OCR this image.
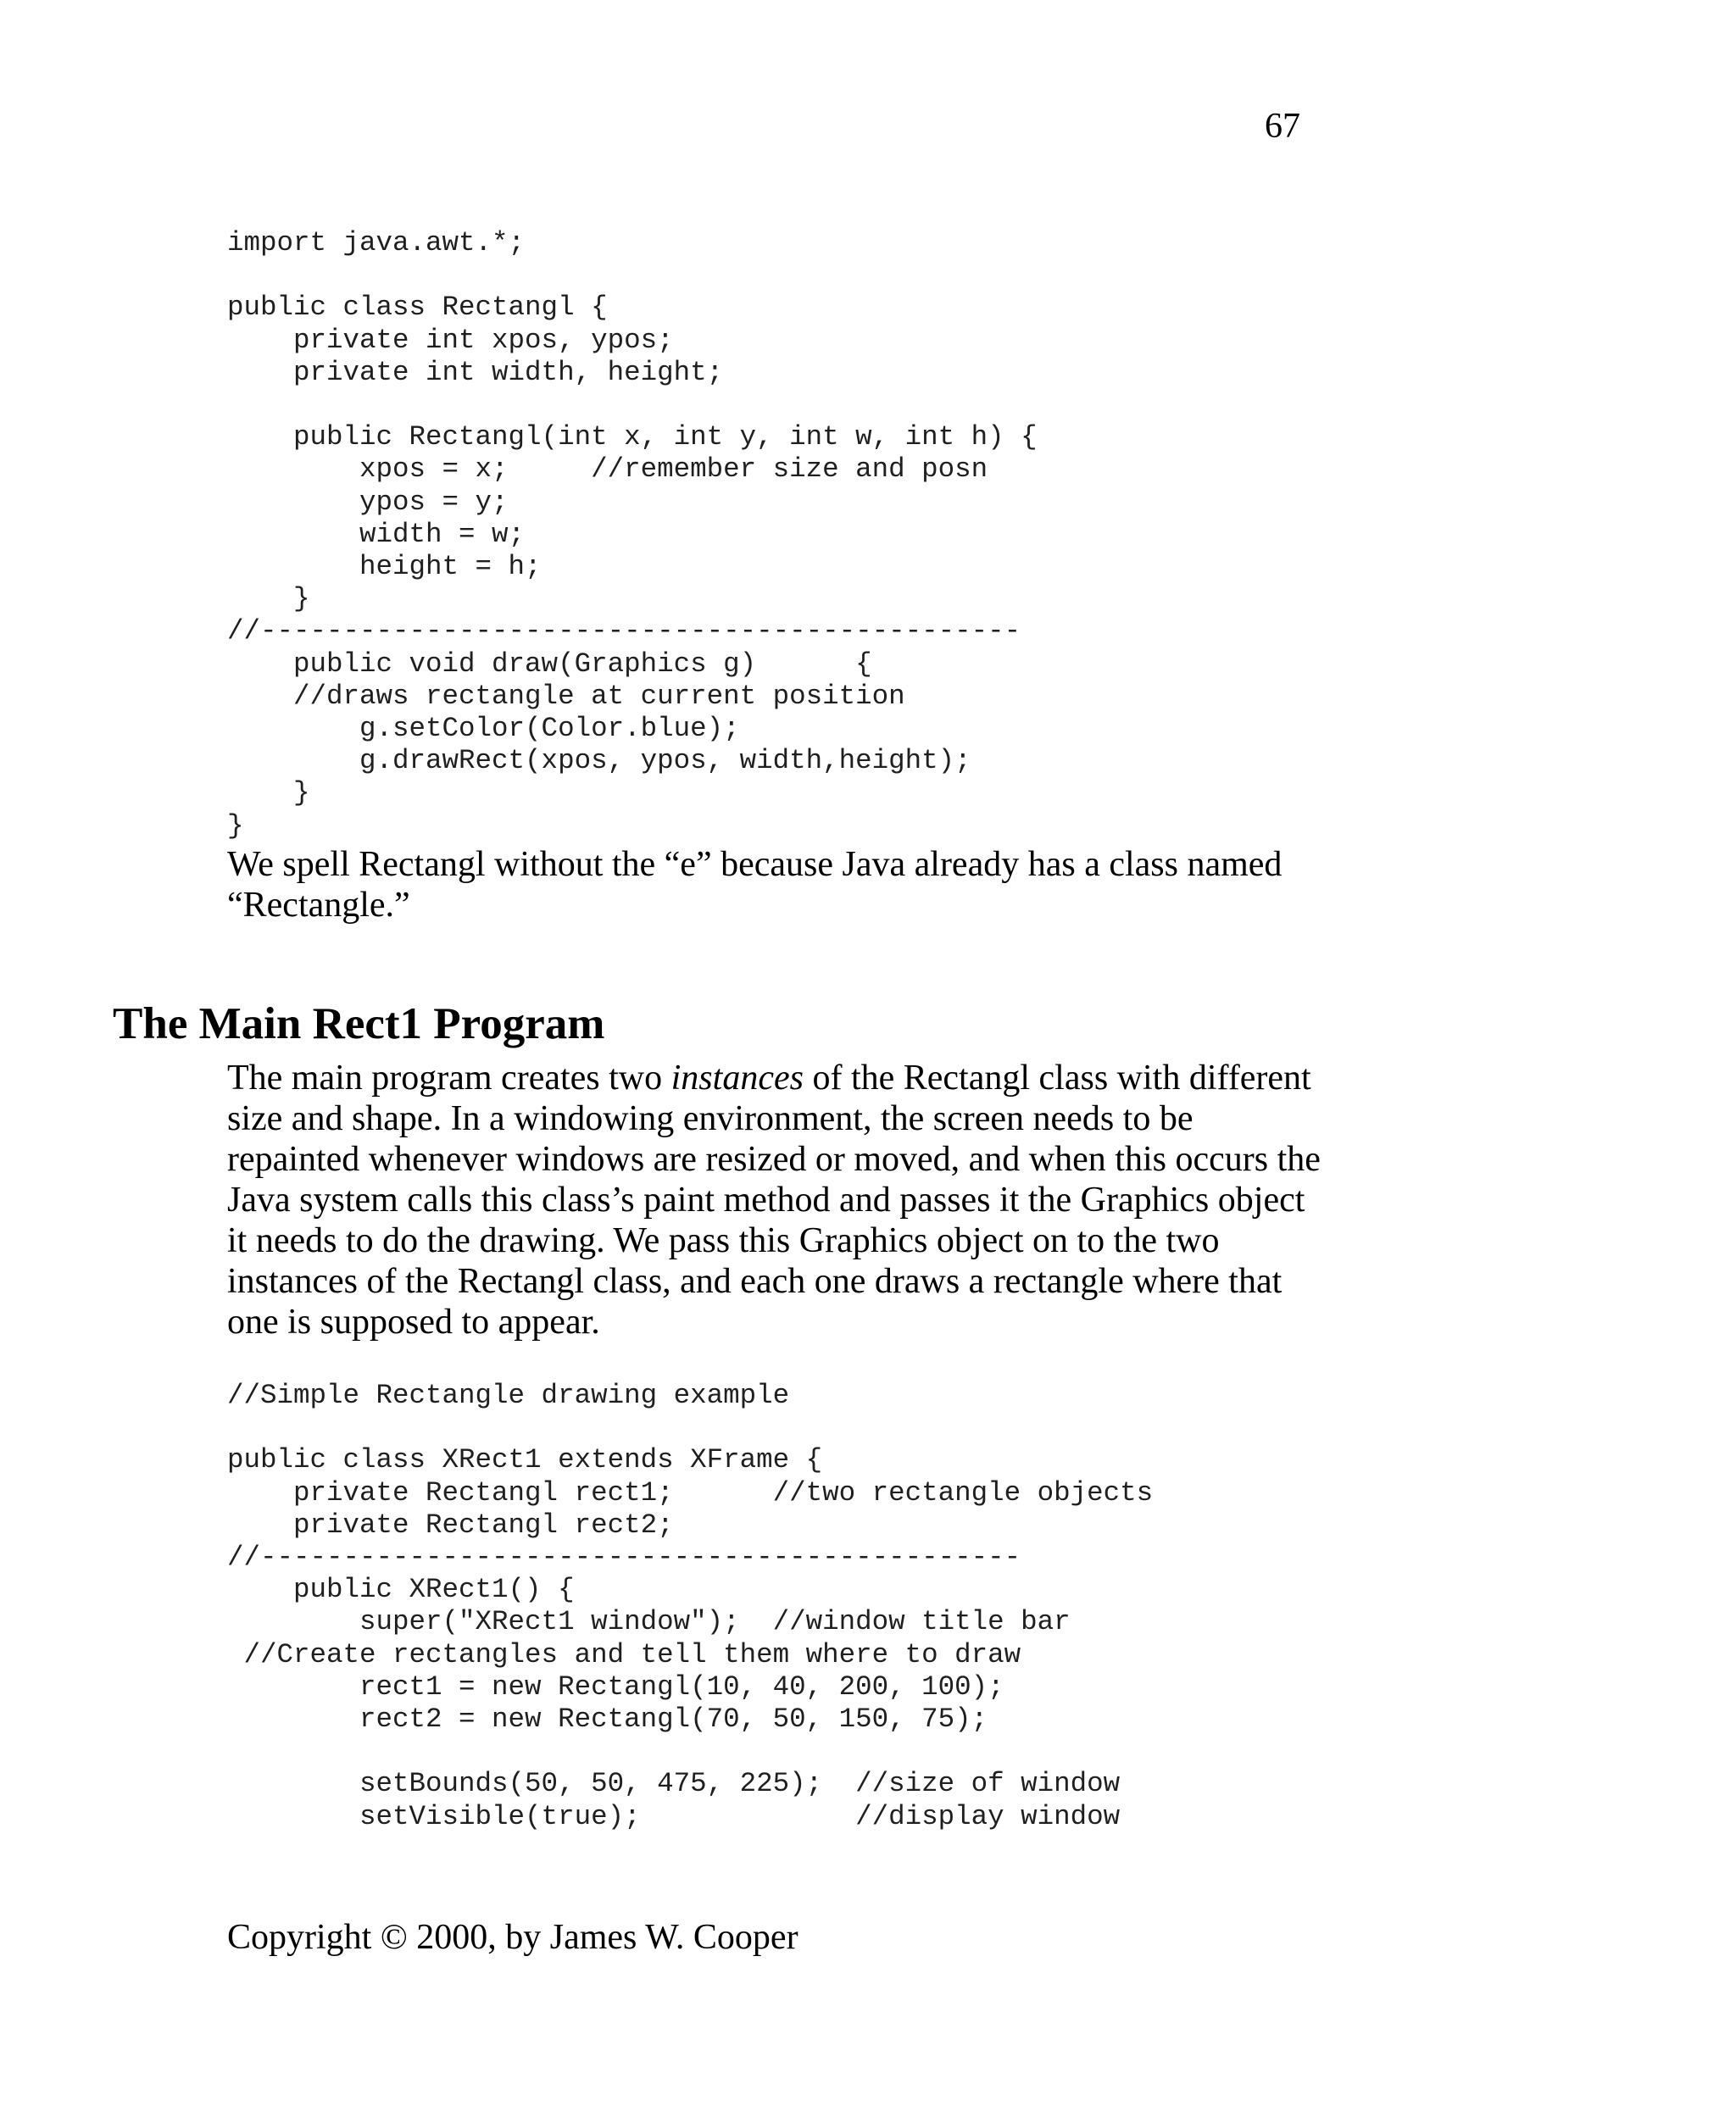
67
import java.awt.*;

public class Rectangl {
private int xpos, ypos;
private int width, height;

public Rectangl(int x, int y, int w, int h) {
xpos = x;     //remember size and posn
ypos = y;
width = w;
height = h;
}
//----------------------------------------------
public void draw(Graphics g)      {
//draws rectangle at current position
g.setColor(Color.blue);
g.drawRect(xpos, ypos, width,height);
}
}

We spell Rectangl without the “e” because Java already has a class named “Rectangle.”

The Main Rect1 Program

The main program creates two instances of the Rectangl class with different size and shape. In a windowing environment, the screen needs to be repainted whenever windows are resized or moved, and when this occurs the Java system calls this class’s paint method and passes it the Graphics object it needs to do the drawing. We pass this Graphics object on to the two instances of the Rectangl class, and each one draws a rectangle where that one is supposed to appear.

//Simple Rectangle drawing example

public class XRect1 extends XFrame {
private Rectangl rect1;      //two rectangle objects
private Rectangl rect2;
//----------------------------------------------
public XRect1() {
super("XRect1 window");  //window title bar
//Create rectangles and tell them where to draw
rect1 = new Rectangl(10, 40, 200, 100);
rect2 = new Rectangl(70, 50, 150, 75);

setBounds(50, 50, 475, 225);  //size of window
setVisible(true);             //display window

Copyright © 2000, by James W. Cooper
